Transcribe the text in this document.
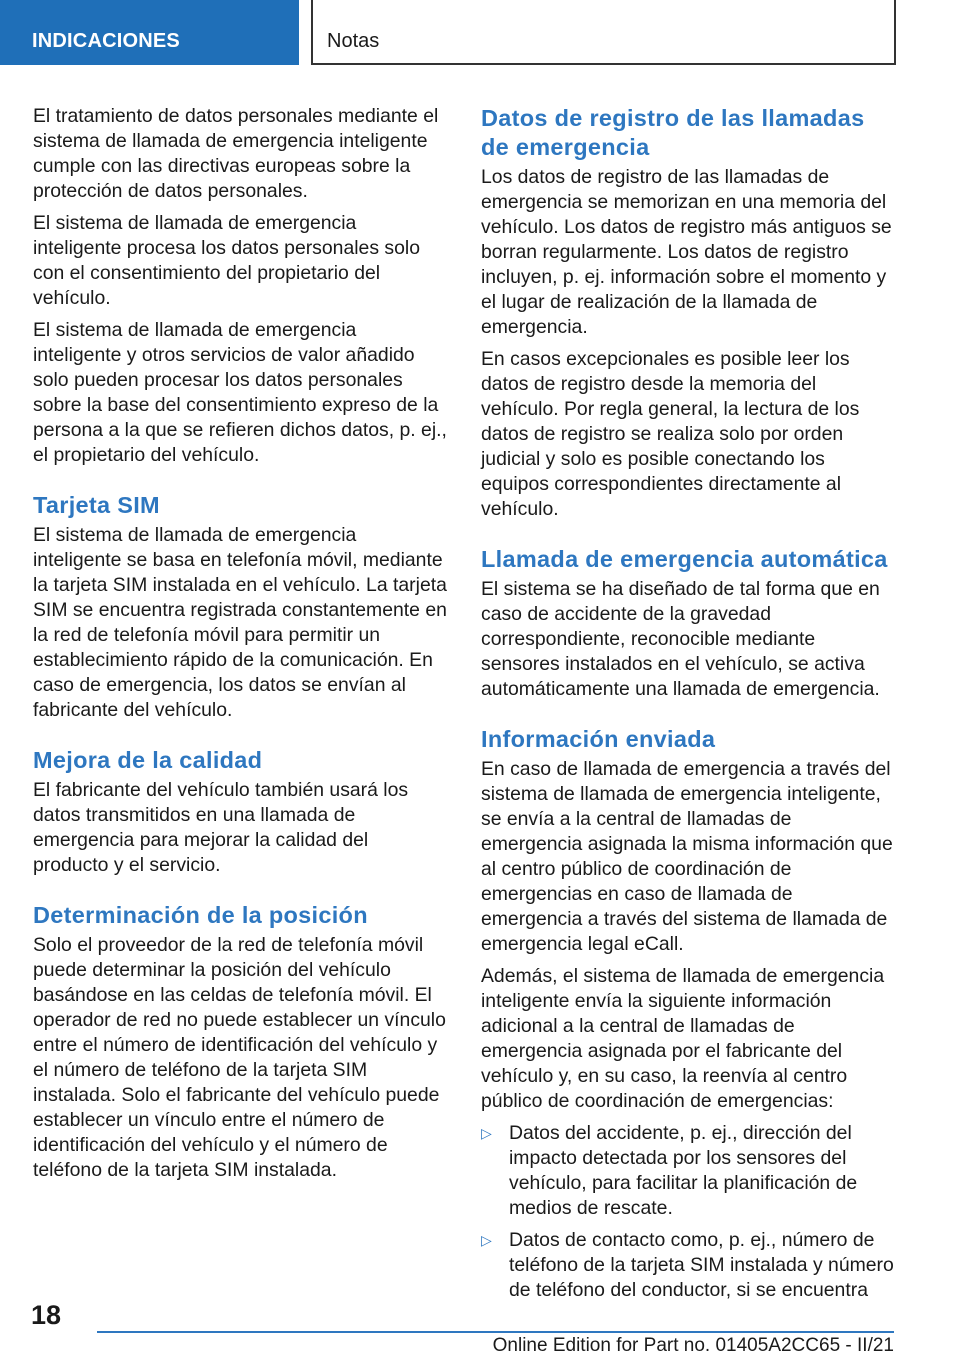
INDICACIONES	Notas

El tratamiento de datos personales mediante el sistema de llamada de emergencia inteligente cumple con las directivas europeas sobre la protección de datos personales.

El sistema de llamada de emergencia inteligente procesa los datos personales solo con el consentimiento del propietario del vehículo.

El sistema de llamada de emergencia inteligente y otros servicios de valor añadido solo pueden procesar los datos personales sobre la base del consentimiento expreso de la persona a la que se refieren dichos datos, p. ej., el propietario del vehículo.

Tarjeta SIM

El sistema de llamada de emergencia inteligente se basa en telefonía móvil, mediante la tarjeta SIM instalada en el vehículo. La tarjeta SIM se encuentra registrada constantemente en la red de telefonía móvil para permitir un establecimiento rápido de la comunicación. En caso de emergencia, los datos se envían al fabricante del vehículo.

Mejora de la calidad

El fabricante del vehículo también usará los datos transmitidos en una llamada de emergencia para mejorar la calidad del producto y el servicio.

Determinación de la posición

Solo el proveedor de la red de telefonía móvil puede determinar la posición del vehículo basándose en las celdas de telefonía móvil. El operador de red no puede establecer un vínculo entre el número de identificación del vehículo y el número de teléfono de la tarjeta SIM instalada. Solo el fabricante del vehículo puede establecer un vínculo entre el número de identificación del vehículo y el número de teléfono de la tarjeta SIM instalada.

Datos de registro de las llamadas de emergencia

Los datos de registro de las llamadas de emergencia se memorizan en una memoria del vehículo. Los datos de registro más antiguos se borran regularmente. Los datos de registro incluyen, p. ej. información sobre el momento y el lugar de realización de la llamada de emergencia.

En casos excepcionales es posible leer los datos de registro desde la memoria del vehículo. Por regla general, la lectura de los datos de registro se realiza solo por orden judicial y solo es posible conectando los equipos correspondientes directamente al vehículo.

Llamada de emergencia automática

El sistema se ha diseñado de tal forma que en caso de accidente de la gravedad correspondiente, reconocible mediante sensores instalados en el vehículo, se activa automáticamente una llamada de emergencia.

Información enviada

En caso de llamada de emergencia a través del sistema de llamada de emergencia inteligente, se envía a la central de llamadas de emergencia asignada la misma información que al centro público de coordinación de emergencias en caso de llamada de emergencia a través del sistema de llamada de emergencia legal eCall.

Además, el sistema de llamada de emergencia inteligente envía la siguiente información adicional a la central de llamadas de emergencia asignada por el fabricante del vehículo y, en su caso, la reenvía al centro público de coordinación de emergencias:

▷ Datos del accidente, p. ej., dirección del impacto detectada por los sensores del vehículo, para facilitar la planificación de medios de rescate.
▷ Datos de contacto como, p. ej., número de teléfono de la tarjeta SIM instalada y número de teléfono del conductor, si se encuentra
18
Online Edition for Part no. 01405A2CC65 - II/21
